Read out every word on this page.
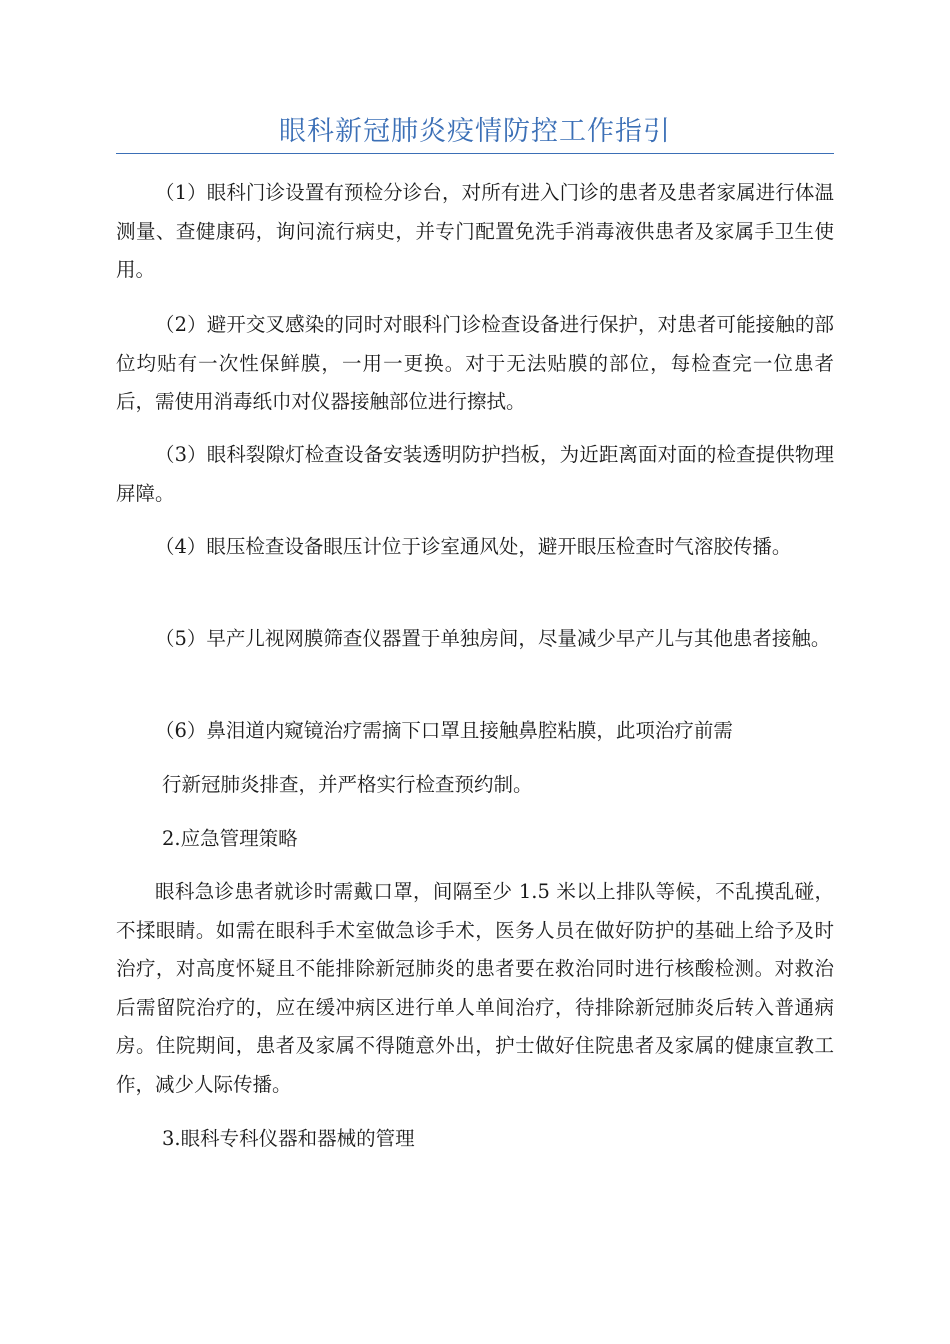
眼科新冠肺炎疫情防控工作指引

（1）眼科门诊设置有预检分诊台，对所有进入门诊的患者及患者家属进行体温测量、查健康码，询问流行病史，并专门配置免洗手消毒液供患者及家属手卫生使用。

（2）避开交叉感染的同时对眼科门诊检查设备进行保护，对患者可能接触的部位均贴有一次性保鲜膜，一用一更换。对于无法贴膜的部位，每检查完一位患者后，需使用消毒纸巾对仪器接触部位进行擦拭。

（3）眼科裂隙灯检查设备安装透明防护挡板，为近距离面对面的检查提供物理屏障。

（4）眼压检查设备眼压计位于诊室通风处，避开眼压检查时气溶胶传播。

（5）早产儿视网膜筛查仪器置于单独房间，尽量减少早产儿与其他患者接触。

（6）鼻泪道内窥镜治疗需摘下口罩且接触鼻腔粘膜，此项治疗前需

行新冠肺炎排查，并严格实行检查预约制。

2.应急管理策略

眼科急诊患者就诊时需戴口罩，间隔至少 1.5 米以上排队等候，不乱摸乱碰，不揉眼睛。如需在眼科手术室做急诊手术，医务人员在做好防护的基础上给予及时治疗，对高度怀疑且不能排除新冠肺炎的患者要在救治同时进行核酸检测。对救治后需留院治疗的，应在缓冲病区进行单人单间治疗，待排除新冠肺炎后转入普通病房。住院期间，患者及家属不得随意外出，护士做好住院患者及家属的健康宣教工作，减少人际传播。

3.眼科专科仪器和器械的管理
